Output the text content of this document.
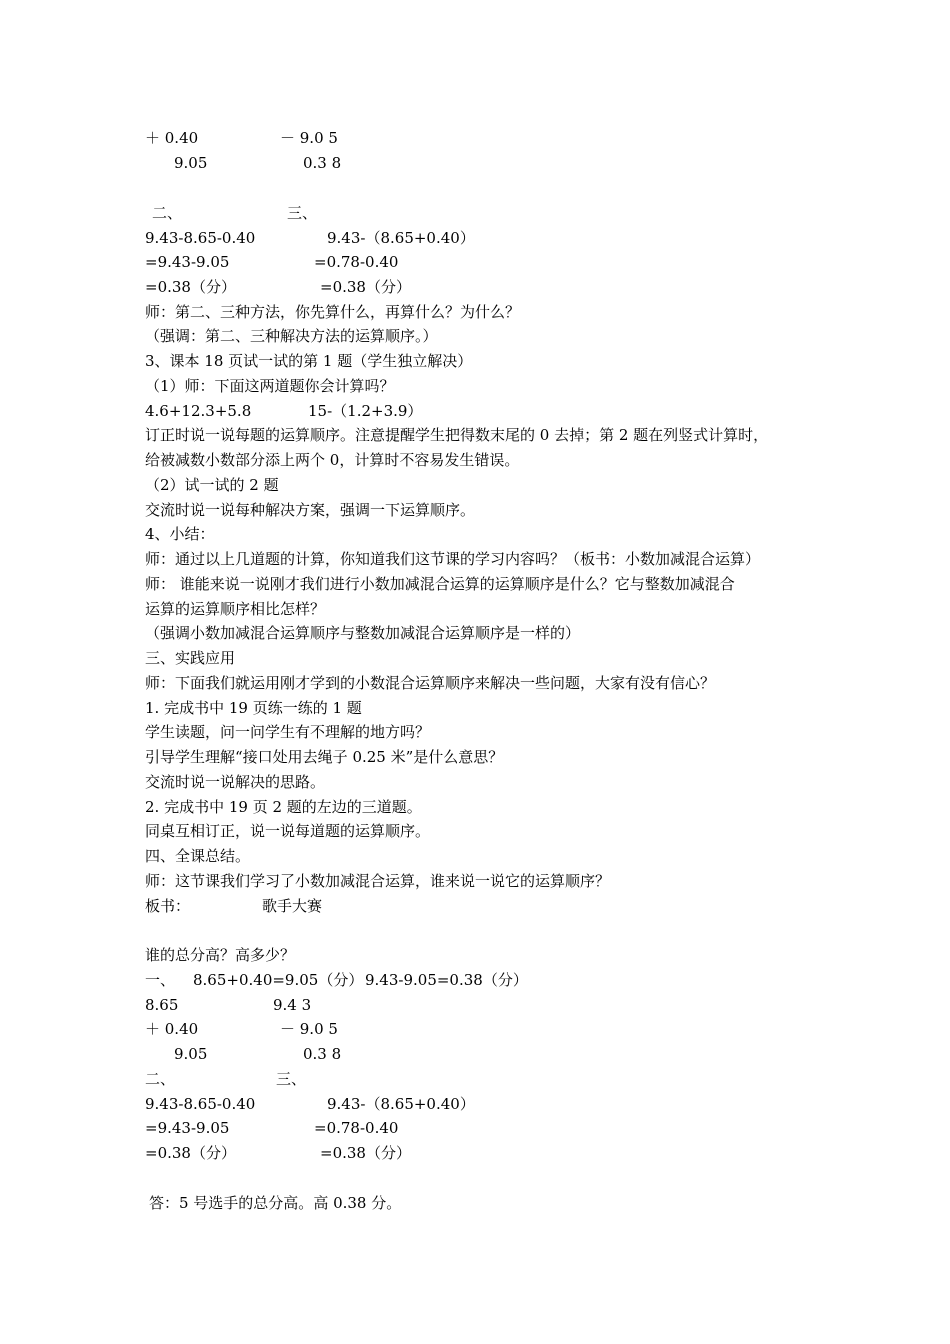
＋ 0.40	－ 9.0 5
9.05	0.3 8
二、	三、
9.43-8.65-0.40	9.43-（8.65+0.40）
=9.43-9.05	=0.78-0.40
=0.38（分）	=0.38（分）
师：第二、三种方法，你先算什么，再算什么？为什么？
（强调：第二、三种解决方法的运算顺序。）
3、课本 18 页试一试的第 1 题（学生独立解决）
（1）师：下面这两道题你会计算吗？
4.6+12.3+5.8	15-（1.2+3.9）
订正时说一说每题的运算顺序。注意提醒学生把得数末尾的 0 去掉；第 2 题在列竖式计算时，
给被减数小数部分添上两个 0，计算时不容易发生错误。
（2）试一试的 2 题
交流时说一说每种解决方案，强调一下运算顺序。
4、小结：
师：通过以上几道题的计算，你知道我们这节课的学习内容吗？（板书：小数加减混合运算）
师： 谁能来说一说刚才我们进行小数加减混合运算的运算顺序是什么？它与整数加减混合
运算的运算顺序相比怎样？
（强调小数加减混合运算顺序与整数加减混合运算顺序是一样的）
三、实践应用
师：下面我们就运用刚才学到的小数混合运算顺序来解决一些问题，大家有没有信心？
1. 完成书中 19 页练一练的 1 题
学生读题，问一问学生有不理解的地方吗？
引导学生理解“接口处用去绳子 0.25 米”是什么意思？
交流时说一说解决的思路。
2. 完成书中 19 页 2 题的左边的三道题。
同桌互相订正，说一说每道题的运算顺序。
四、全课总结。
师：这节课我们学习了小数加减混合运算，谁来说一说它的运算顺序？
板书：	歌手大赛
谁的总分高？高多少？
一、 8.65+0.40=9.05（分） 9.43-9.05=0.38（分）
8.65	9.4 3
＋ 0.40	－ 9.0 5
9.05	0.3 8
二、	三、
9.43-8.65-0.40	9.43-（8.65+0.40）
=9.43-9.05	=0.78-0.40
=0.38（分）	=0.38（分）
答：5 号选手的总分高。高 0.38 分。
